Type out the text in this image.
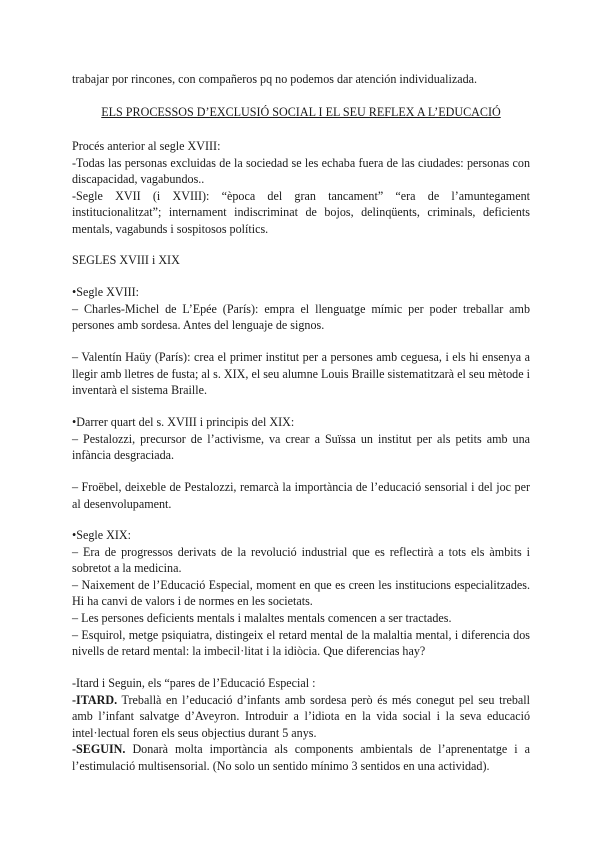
trabajar por rincones, con compañeros pq no podemos dar atención individualizada.

ELS PROCESSOS D’EXCLUSIÓ SOCIAL I EL SEU REFLEX A L’EDUCACIÓ

Procés anterior al segle XVIII:

-Todas las personas excluidas de la sociedad se les echaba fuera de las ciudades: personas con discapacidad, vagabundos..

-Segle XVII (i XVIII): “època del gran tancament” “era de l’amuntegament institucionalitzat”; internament indiscriminat de bojos, delinqüents, criminals, deficients mentals, vagabunds i sospitosos polítics.

SEGLES XVIII i XIX

• Segle XVIII:

– Charles-Michel de L’Epée (París): empra el llenguatge mímic per poder treballar amb persones amb sordesa. Antes del lenguaje de signos.

– Valentín Haüy (París): crea el primer institut per a persones amb ceguesa, i els hi ensenya a llegir amb lletres de fusta; al s. XIX, el seu alumne Louis Braille sistematitzarà el seu mètode i inventarà el sistema Braille.

• Darrer quart del s. XVIII i principis del XIX:

– Pestalozzi, precursor de l’activisme, va crear a Suïssa un institut per als petits amb una infància desgraciada.

– Froëbel, deixeble de Pestalozzi, remarcà la importància de l’educació sensorial i del joc per al desenvolupament.

• Segle XIX:

– Era de progressos derivats de la revolució industrial que es reflectirà a tots els àmbits i sobretot a la medicina.

– Naixement de l’Educació Especial, moment en que es creen les institucions especialitzades. Hi ha canvi de valors i de normes en les societats.

– Les persones deficients mentals i malaltes mentals comencen a ser tractades.

– Esquirol, metge psiquiatra, distingeix el retard mental de la malaltia mental, i diferencia dos nivells de retard mental: la imbecil·litat i la idiòcia. Que diferencias hay?

-Itard i Seguin, els “pares de l’Educació Especial :

-ITARD. Treballà en l’educació d’infants amb sordesa però és més conegut pel seu treball amb l’infant salvatge d’Aveyron. Introduir a l’idiota en la vida social i la seva educació intel·lectual foren els seus objectius durant 5 anys.

-SEGUIN. Donarà molta importància als components ambientals de l’aprenentatge i a l’estimulació multisensorial. (No solo un sentido mínimo 3 sentidos en una actividad).
